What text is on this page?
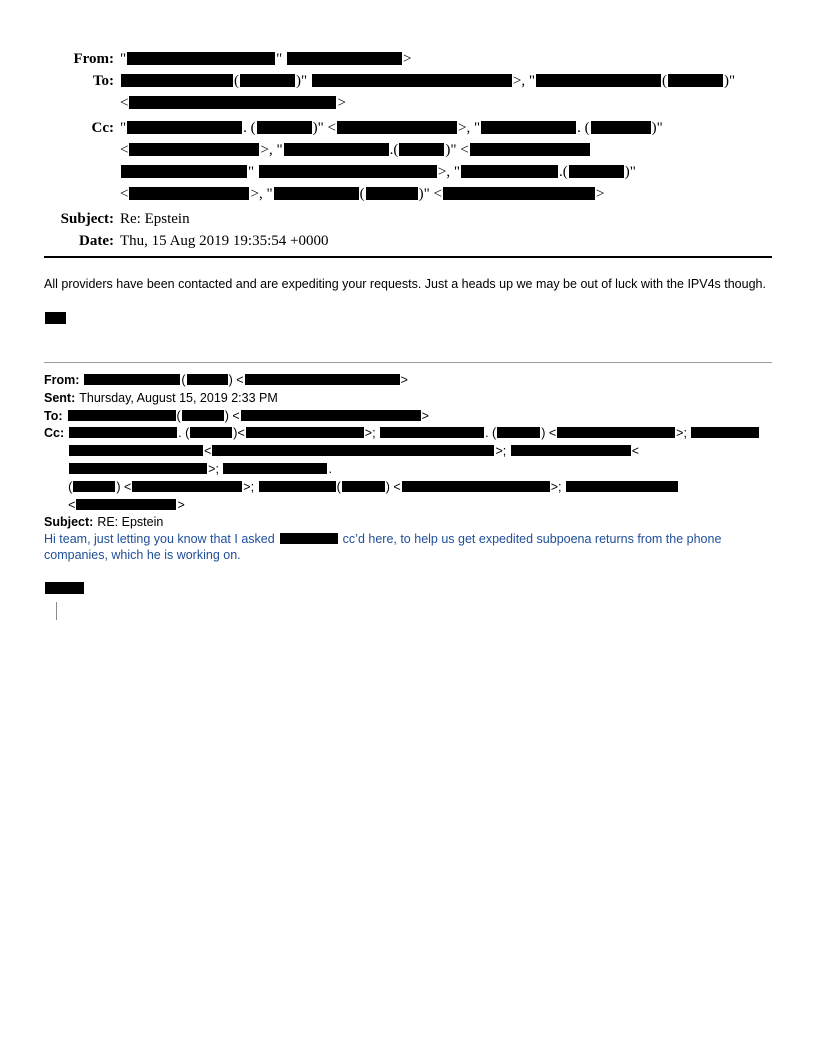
From: "	"	>
To:	(	)"	>, "	(	)"
<	>
Cc: "	. (	)" <	>, "	. (	)"
<	>, "	.(	)" <
"	>, "	.(	)"
<	>, "	(	)" <	>
Subject: Re: Epstein
Date: Thu, 15 Aug 2019 19:35:54 +0000
All providers have been contacted and are expediting your requests. Just a heads up we may be out of luck with the IPV4s though.
From:	(	) <	>
Sent: Thursday, August 15, 2019 2:33 PM
To:	(	) <	>
Cc:	. (	)<	>;	. (	) <	>;
<	>;	<>;	.
(	) <	>;	(	) <	>;
<	>
Subject: RE: Epstein
Hi team, just letting you know that I asked	cc’d here, to help us get expedited subpoena returns from the phone companies, which he is working on.
